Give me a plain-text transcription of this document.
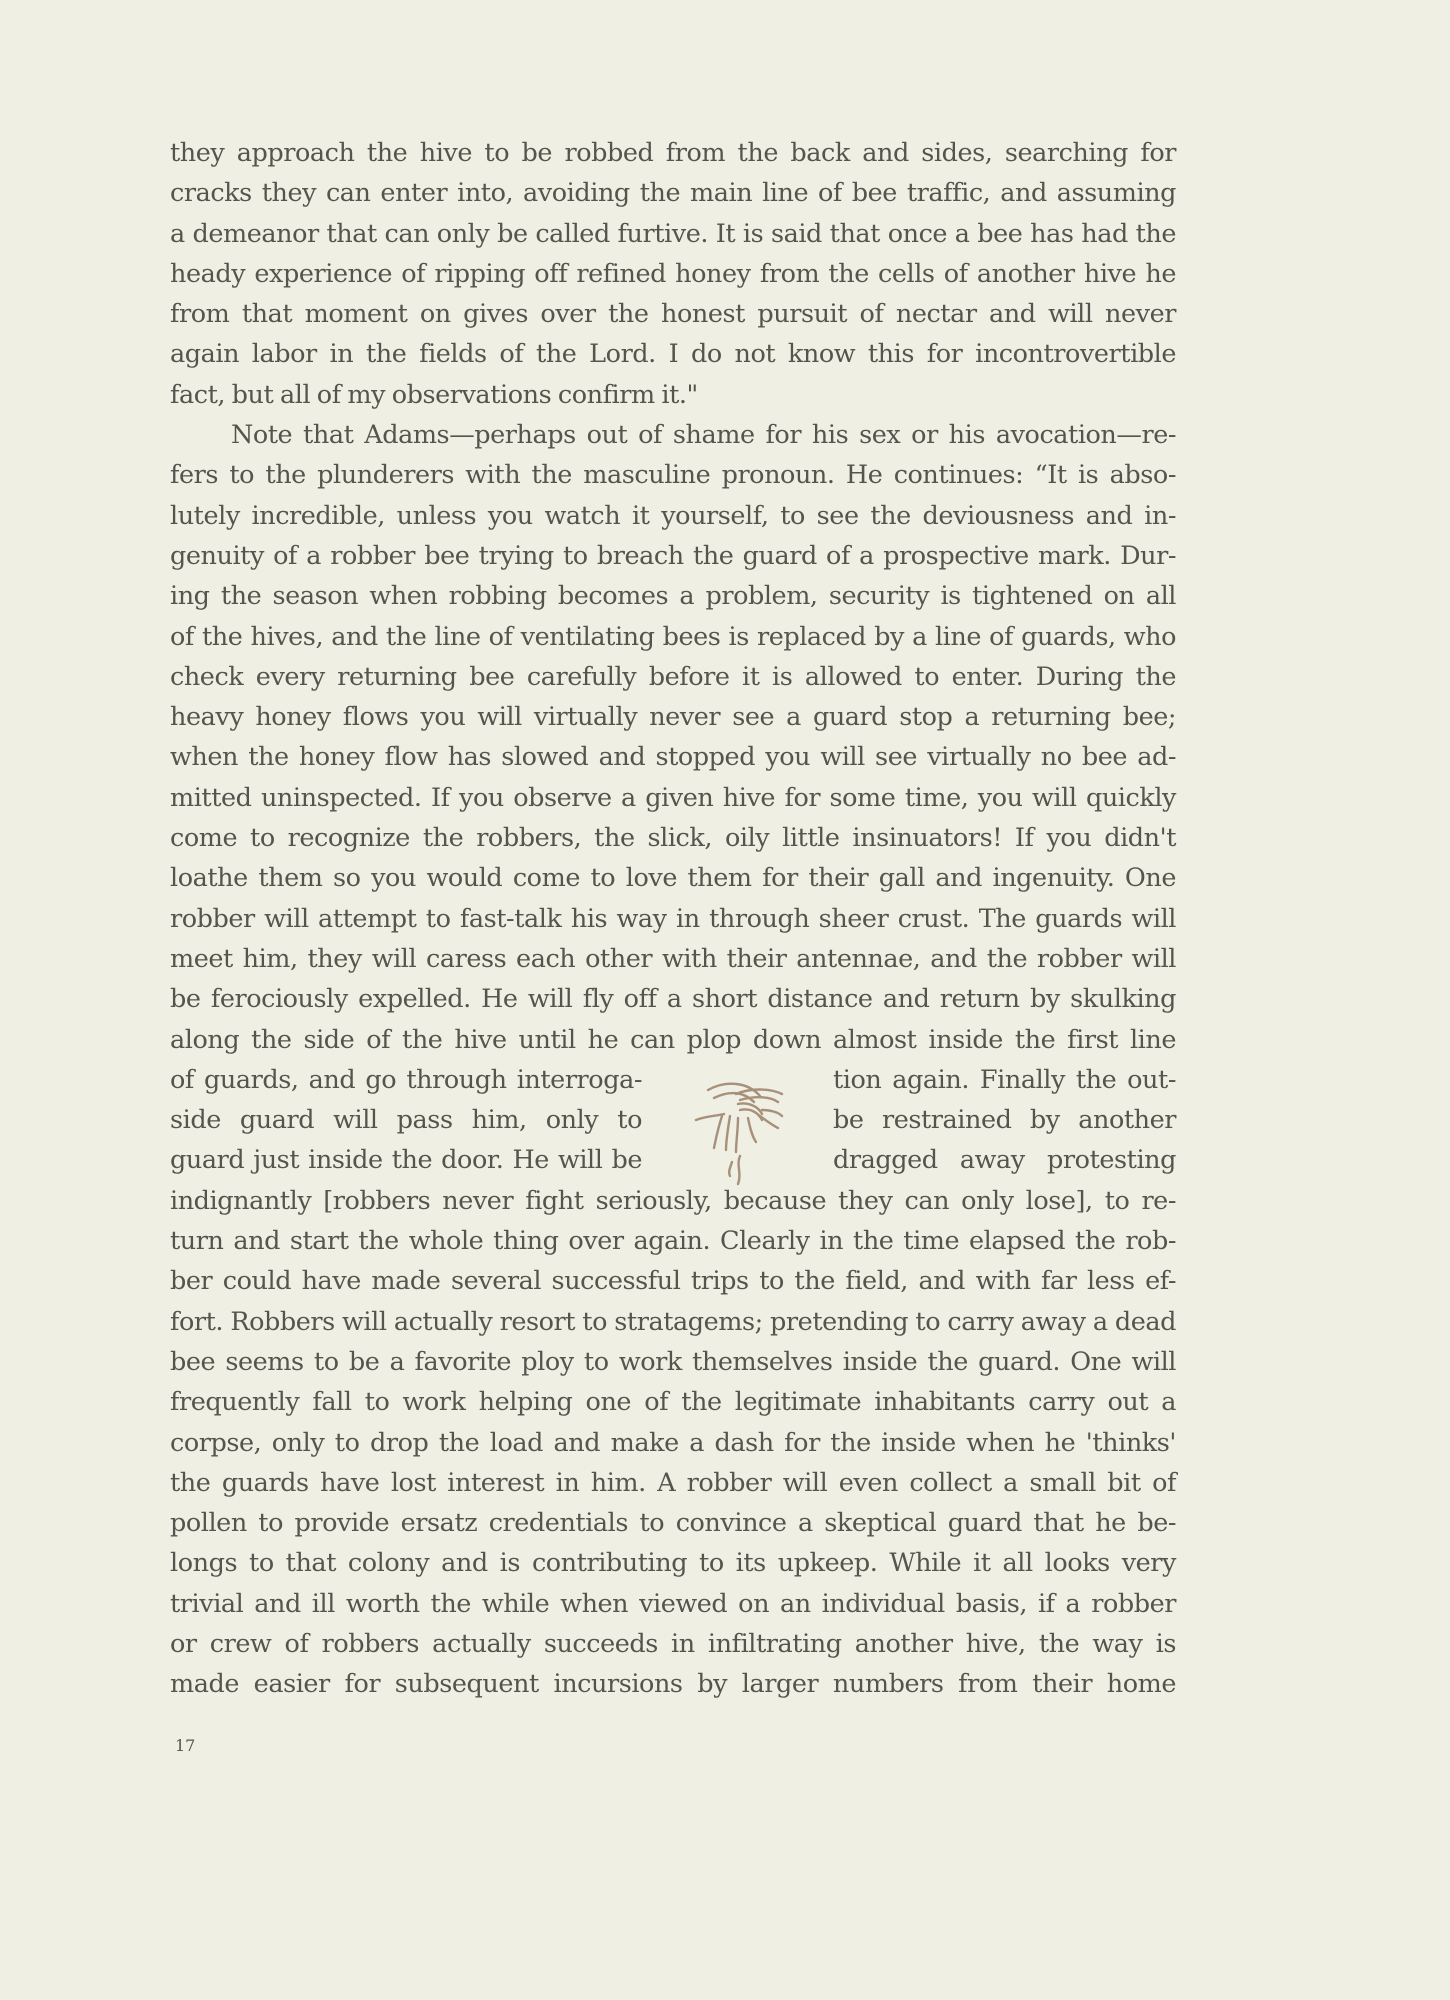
they approach the hive to be robbed from the back and sides, searching for
cracks they can enter into, avoiding the main line of bee traffic, and assuming
a demeanor that can only be called furtive. It is said that once a bee has had the
heady experience of ripping off refined honey from the cells of another hive he
from that moment on gives over the honest pursuit of nectar and will never
again labor in the fields of the Lord. I do not know this for incontrovertible
fact, but all of my observations confirm it."
Note that Adams—perhaps out of shame for his sex or his avocation—re-
fers to the plunderers with the masculine pronoun. He continues: “It is abso-
lutely incredible, unless you watch it yourself, to see the deviousness and in-
genuity of a robber bee trying to breach the guard of a prospective mark. Dur-
ing the season when robbing becomes a problem, security is tightened on all
of the hives, and the line of ventilating bees is replaced by a line of guards, who
check every returning bee carefully before it is allowed to enter. During the
heavy honey flows you will virtually never see a guard stop a returning bee;
when the honey flow has slowed and stopped you will see virtually no bee ad-
mitted uninspected. If you observe a given hive for some time, you will quickly
come to recognize the robbers, the slick, oily little insinuators! If you didn't
loathe them so you would come to love them for their gall and ingenuity. One
robber will attempt to fast-talk his way in through sheer crust. The guards will
meet him, they will caress each other with their antennae, and the robber will
be ferociously expelled. He will fly off a short distance and return by skulking
along the side of the hive until he can plop down almost inside the first line
of guards, and go through interroga-	tion again. Finally the out-
side guard will pass him, only to	be restrained by another
guard just inside the door. He will be	dragged away protesting
indignantly [robbers never fight seriously, because they can only lose], to re-
turn and start the whole thing over again. Clearly in the time elapsed the rob-
ber could have made several successful trips to the field, and with far less ef-
fort. Robbers will actually resort to stratagems; pretending to carry away a dead
bee seems to be a favorite ploy to work themselves inside the guard. One will
frequently fall to work helping one of the legitimate inhabitants carry out a
corpse, only to drop the load and make a dash for the inside when he 'thinks'
the guards have lost interest in him. A robber will even collect a small bit of
pollen to provide ersatz credentials to convince a skeptical guard that he be-
longs to that colony and is contributing to its upkeep. While it all looks very
trivial and ill worth the while when viewed on an individual basis, if a robber
or crew of robbers actually succeeds in infiltrating another hive, the way is
made easier for subsequent incursions by larger numbers from their home
17
